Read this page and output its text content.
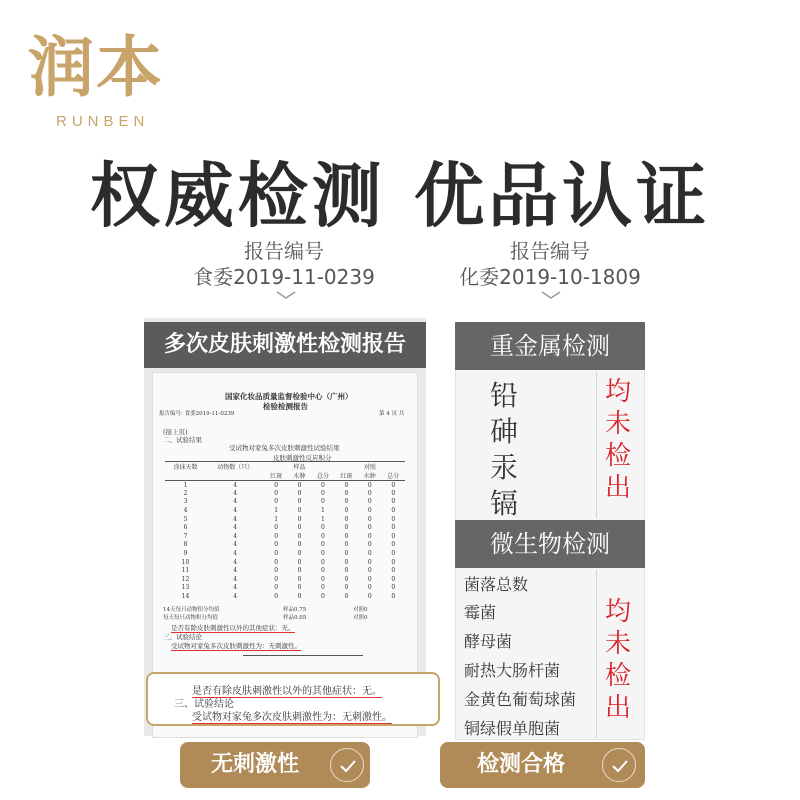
润本
RUNBEN
权威检测 优品认证
报告编号
食委2019-11-0239
报告编号
化委2019-10-1809
多次皮肤刺激性检测报告
国家化妆品质量监督检验中心（广州）
检验检测报告
报告编号: 食委2019-11-0239	第 4 页 共
(接上页)
二、试验结果
受试物对家兔多次皮肤刺激性试验结果
皮肤刺激性反应积分
涂抹天数	动物数（只）	样品			对照		
		红斑	水肿	总分	红斑	水肿	总分
1	4	0	0	0	0	0	0
2	4	0	0	0	0	0	0
3	4	0	0	0	0	0	0
4	4	1	0	1	0	0	0
5	4	1	0	1	0	0	0
6	4	0	0	0	0	0	0
7	4	0	0	0	0	0	0
8	4	0	0	0	0	0	0
9	4	0	0	0	0	0	0
10	4	0	0	0	0	0	0
11	4	0	0	0	0	0	0
12	4	0	0	0	0	0	0
13	4	0	0	0	0	0	0
14	4	0	0	0	0	0	0
14天每只动物积分均值	样品0.75	对照0
每天每只动物积分均值	样品0.05	对照0
是否有除皮肤刺激性以外的其他症状：无。
三、试验结论
受试物对家兔多次皮肤刺激性为：无刺激性。
是否有除皮肤刺激性以外的其他症状：无。
三、试验结论
受试物对家兔多次皮肤刺激性为：无刺激性。
重金属检测
铅
砷
汞
镉
均
未
检
出
微生物检测
菌落总数
霉菌
酵母菌
耐热大肠杆菌
金黄色葡萄球菌
铜绿假单胞菌
均
未
检
出
无刺激性	检测合格
